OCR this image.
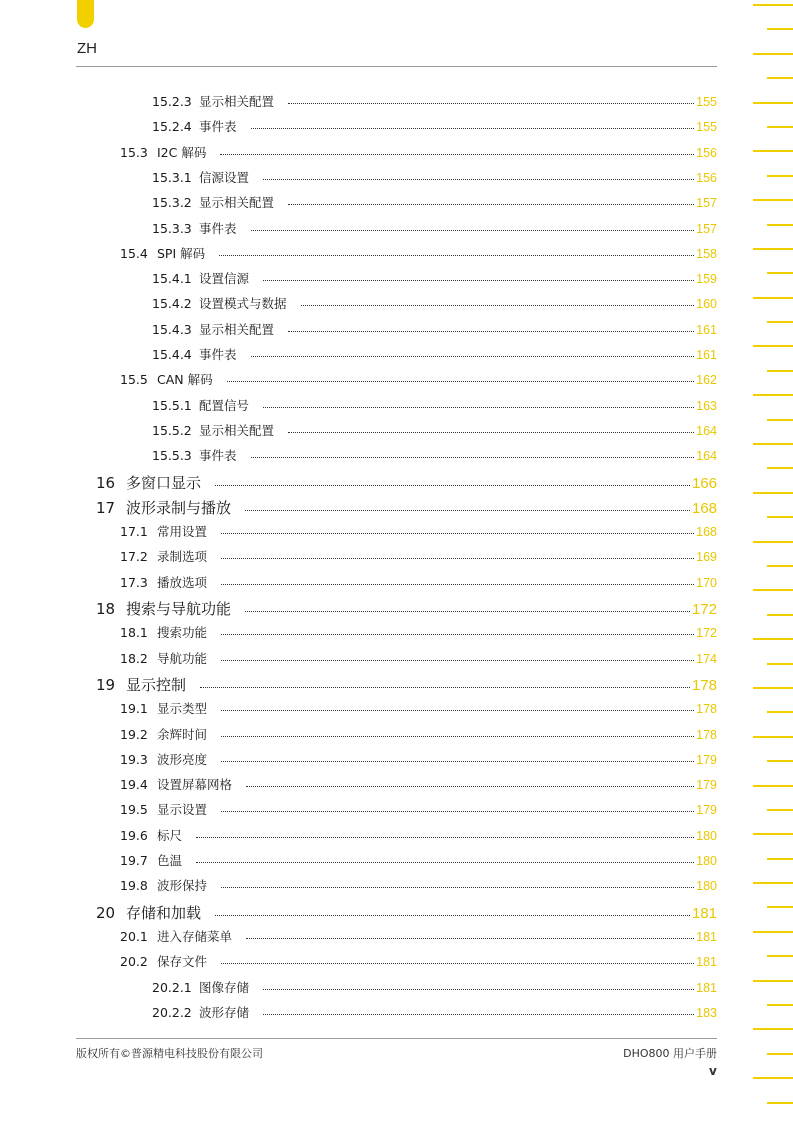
ZH
15.2.3 显示相关配置	155
15.2.4 事件表	155
15.3 I2C 解码	156
15.3.1 信源设置	156
15.3.2 显示相关配置	157
15.3.3 事件表	157
15.4 SPI 解码	158
15.4.1 设置信源	159
15.4.2 设置模式与数据	160
15.4.3 显示相关配置	161
15.4.4 事件表	161
15.5 CAN 解码	162
15.5.1 配置信号	163
15.5.2 显示相关配置	164
15.5.3 事件表	164
16 多窗口显示	166
17 波形录制与播放	168
17.1 常用设置	168
17.2 录制选项	169
17.3 播放选项	170
18 搜索与导航功能	172
18.1 搜索功能	172
18.2 导航功能	174
19 显示控制	178
19.1 显示类型	178
19.2 余辉时间	178
19.3 波形亮度	179
19.4 设置屏幕网格	179
19.5 显示设置	179
19.6 标尺	180
19.7 色温	180
19.8 波形保持	180
20 存储和加载	181
20.1 进入存储菜单	181
20.2 保存文件	181
20.2.1 图像存储	181
20.2.2 波形存储	183
版权所有©普源精电科技股份有限公司	DHO800 用户手册
v
